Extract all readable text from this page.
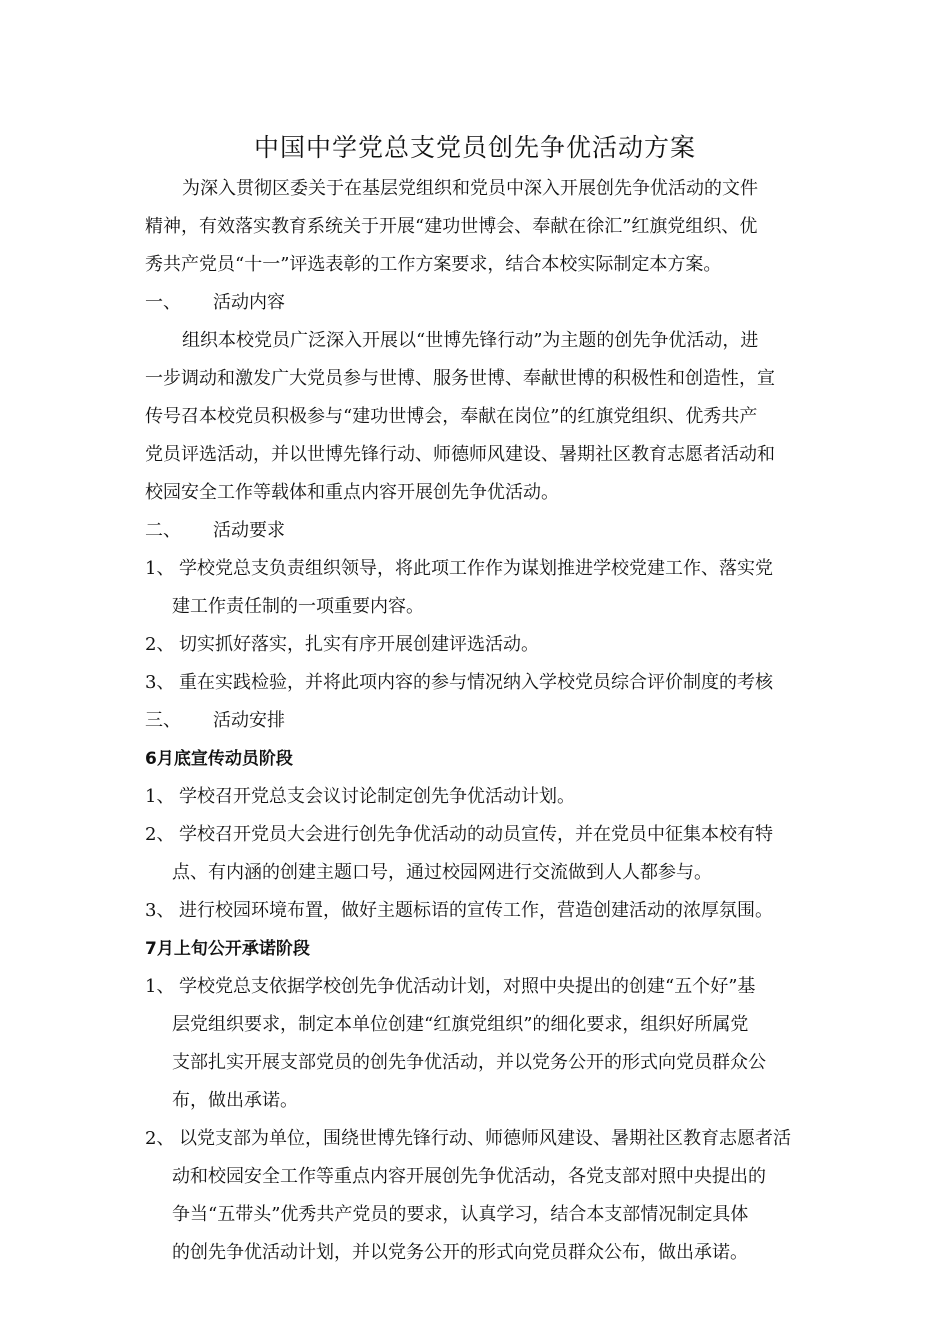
中国中学党总支党员创先争优活动方案
为深入贯彻区委关于在基层党组织和党员中深入开展创先争优活动的文件
精神，有效落实教育系统关于开展“建功世博会、奉献在徐汇”红旗党组织、优
秀共产党员“十一”评选表彰的工作方案要求，结合本校实际制定本方案。
一、 活动内容
组织本校党员广泛深入开展以“世博先锋行动”为主题的创先争优活动，进
一步调动和激发广大党员参与世博、服务世博、奉献世博的积极性和创造性，宣
传号召本校党员积极参与“建功世博会，奉献在岗位”的红旗党组织、优秀共产
党员评选活动，并以世博先锋行动、师德师风建设、暑期社区教育志愿者活动和
校园安全工作等载体和重点内容开展创先争优活动。
二、 活动要求
1、 学校党总支负责组织领导，将此项工作作为谋划推进学校党建工作、落实党
建工作责任制的一项重要内容。
2、 切实抓好落实，扎实有序开展创建评选活动。
3、 重在实践检验，并将此项内容的参与情况纳入学校党员综合评价制度的考核
三、 活动安排
6月底宣传动员阶段
1、 学校召开党总支会议讨论制定创先争优活动计划。
2、 学校召开党员大会进行创先争优活动的动员宣传，并在党员中征集本校有特
点、有内涵的创建主题口号，通过校园网进行交流做到人人都参与。
3、 进行校园环境布置，做好主题标语的宣传工作，营造创建活动的浓厚氛围。
7月上旬公开承诺阶段
1、 学校党总支依据学校创先争优活动计划，对照中央提出的创建“五个好”基
层党组织要求，制定本单位创建“红旗党组织”的细化要求，组织好所属党
支部扎实开展支部党员的创先争优活动，并以党务公开的形式向党员群众公
布，做出承诺。
2、 以党支部为单位，围绕世博先锋行动、师德师风建设、暑期社区教育志愿者活
动和校园安全工作等重点内容开展创先争优活动，各党支部对照中央提出的
争当“五带头”优秀共产党员的要求，认真学习，结合本支部情况制定具体
的创先争优活动计划，并以党务公开的形式向党员群众公布，做出承诺。
